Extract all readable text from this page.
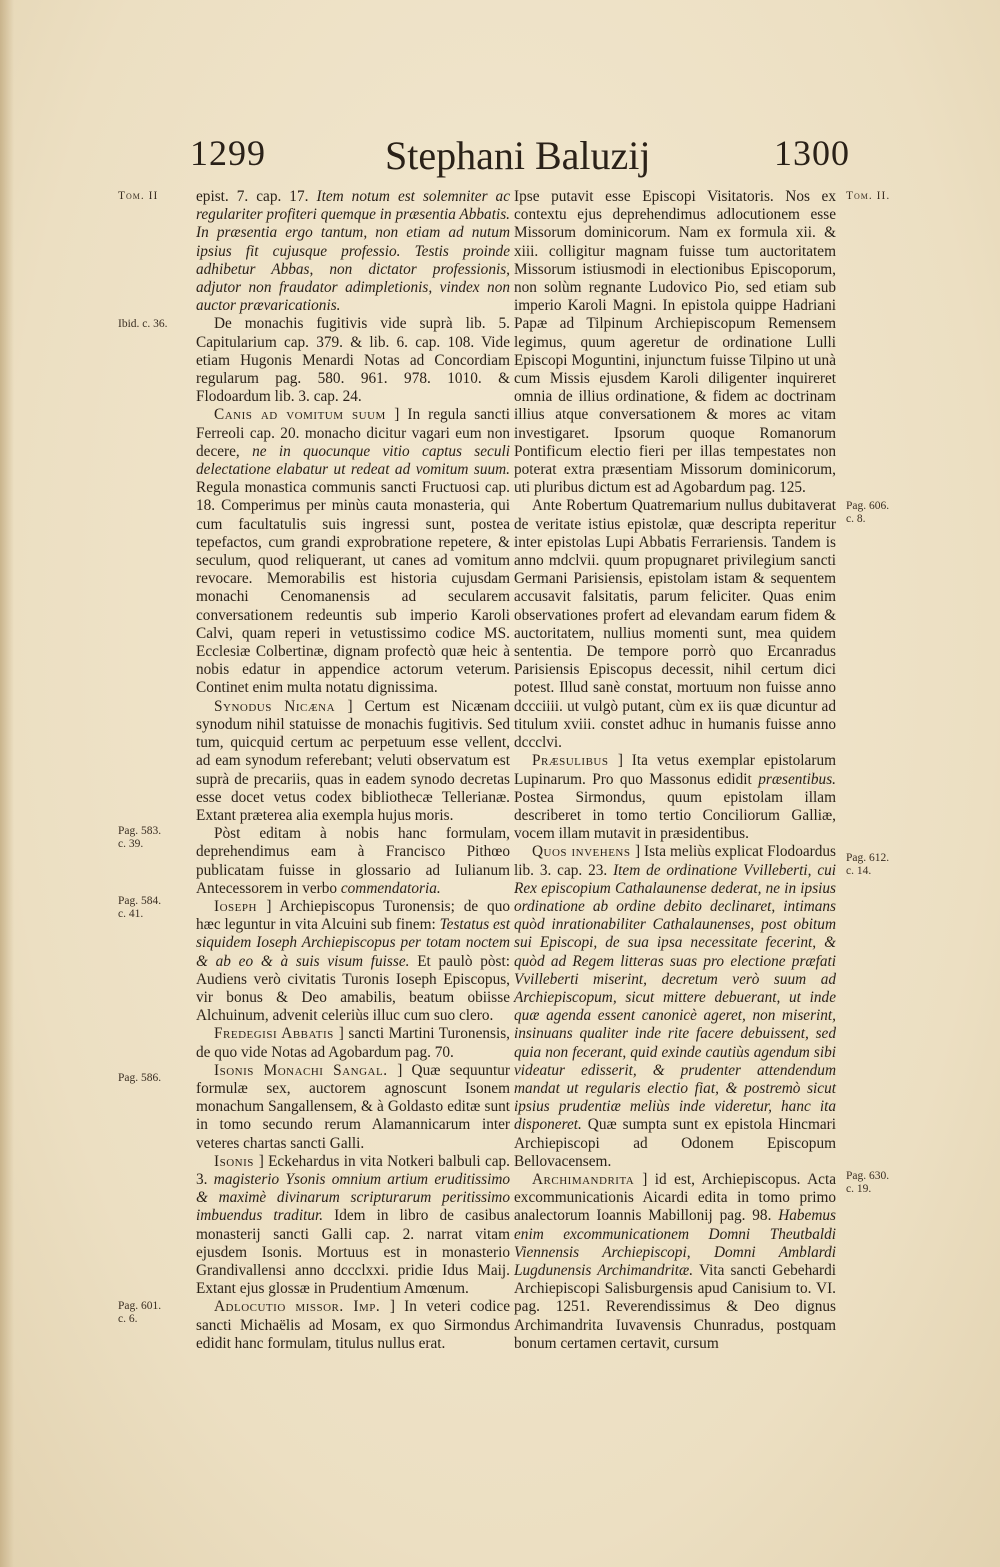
1299	Stephani Baluzij	1300
Tom. II
Ibid. c. 36.
Pag. 583.
c. 39.
Pag. 584.
c. 41.
Pag. 586.
Pag. 601.
c. 6.
Tom. II.
Pag. 606.
c. 8.
Pag. 612.
c. 14.
Pag. 630.
c. 19.

epist. 7. cap. 17. Item notum est solemniter ac regulariter profiteri quemque in præsentia Abbatis. In præsentia ergo tantum, non etiam ad nutum ipsius fit cujusque professio. Testis proinde adhibetur Abbas, non dictator professionis, adjutor non fraudator adimpletionis, vindex non auctor prævaricationis.

De monachis fugitivis vide suprà lib. 5. Capitularium cap. 379. & lib. 6. cap. 108. Vide etiam Hugonis Menardi Notas ad Concordiam regularum pag. 580. 961. 978. 1010. & Flodoardum lib. 3. cap. 24.

Canis ad vomitum suum ] In regula sancti Ferreoli cap. 20. monacho dicitur vagari eum non decere, ne in quocunque vitio captus seculi delectatione elabatur ut redeat ad vomitum suum. Regula monastica communis sancti Fructuosi cap. 18. Comperimus per minùs cauta monasteria, qui cum facultatulis suis ingressi sunt, postea tepefactos, cum grandi exprobratione repetere, & seculum, quod reliquerant, ut canes ad vomitum revocare. Memorabilis est historia cujusdam monachi Cenomanensis ad secularem conversationem redeuntis sub imperio Karoli Calvi, quam reperi in vetustissimo codice MS. Ecclesiæ Colbertinæ, dignam profectò quæ heic à nobis edatur in appendice actorum veterum. Continet enim multa notatu dignissima.

Synodus Nicæna ] Certum est Nicænam synodum nihil statuisse de monachis fugitivis. Sed tum, quicquid certum ac perpetuum esse vellent, ad eam synodum referebant; veluti observatum est suprà de precariis, quas in eadem synodo decretas esse docet vetus codex bibliothecæ Tellerianæ. Extant præterea alia exempla hujus moris.

Pòst editam à nobis hanc formulam, deprehendimus eam à Francisco Pithœo publicatam fuisse in glossario ad Iulianum Antecessorem in verbo commendatoria.

Ioseph ] Archiepiscopus Turonensis; de quo hæc leguntur in vita Alcuini sub finem: Testatus est siquidem Ioseph Archiepiscopus per totam noctem & ab eo & à suis visum fuisse. Et paulò pòst: Audiens verò civitatis Turonis Ioseph Episcopus, vir bonus & Deo amabilis, beatum obiisse Alchuinum, advenit celeriùs illuc cum suo clero.

Fredegisi Abbatis ] sancti Martini Turonensis, de quo vide Notas ad Agobardum pag. 70.

Isonis Monachi Sangal. ] Quæ sequuntur formulæ sex, auctorem agnoscunt Isonem monachum Sangallensem, & à Goldasto editæ sunt in tomo secundo rerum Alamannicarum inter veteres chartas sancti Galli.

Isonis ] Eckehardus in vita Notkeri balbuli cap. 3. magisterio Ysonis omnium artium eruditissimo & maximè divinarum scripturarum peritissimo imbuendus traditur. Idem in libro de casibus monasterij sancti Galli cap. 2. narrat vitam ejusdem Isonis. Mortuus est in monasterio Grandivallensi anno dccclxxi. pridie Idus Maij. Extant ejus glossæ in Prudentium Amœnum.

Adlocutio missor. Imp. ] In veteri codice sancti Michaëlis ad Mosam, ex quo Sirmondus edidit hanc formulam, titulus nullus erat.

Ipse putavit esse Episcopi Visitatoris. Nos ex contextu ejus deprehendimus adlocutionem esse Missorum dominicorum. Nam ex formula xii. & xiii. colligitur magnam fuisse tum auctoritatem Missorum istiusmodi in electionibus Episcoporum, non solùm regnante Ludovico Pio, sed etiam sub imperio Karoli Magni. In epistola quippe Hadriani Papæ ad Tilpinum Archiepiscopum Remensem legimus, quum ageretur de ordinatione Lulli Episcopi Moguntini, injunctum fuisse Tilpino ut unà cum Missis ejusdem Karoli diligenter inquireret omnia de illius ordinatione, & fidem ac doctrinam illius atque conversationem & mores ac vitam investigaret. Ipsorum quoque Romanorum Pontificum electio fieri per illas tempestates non poterat extra præsentiam Missorum dominicorum, uti pluribus dictum est ad Agobardum pag. 125.

Ante Robertum Quatremarium nullus dubitaverat de veritate istius epistolæ, quæ descripta reperitur inter epistolas Lupi Abbatis Ferrariensis. Tandem is anno mdclvii. quum propugnaret privilegium sancti Germani Parisiensis, epistolam istam & sequentem accusavit falsitatis, parum feliciter. Quas enim observationes profert ad elevandam earum fidem & auctoritatem, nullius momenti sunt, mea quidem sententia. De tempore porrò quo Ercanradus Parisiensis Episcopus decessit, nihil certum dici potest. Illud sanè constat, mortuum non fuisse anno dccciiii. ut vulgò putant, cùm ex iis quæ dicuntur ad titulum xviii. constet adhuc in humanis fuisse anno dccclvi.

Præsulibus ] Ita vetus exemplar epistolarum Lupinarum. Pro quo Massonus edidit præsentibus. Postea Sirmondus, quum epistolam illam describeret in tomo tertio Conciliorum Galliæ, vocem illam mutavit in præsidentibus.

Quos invehens ] Ista meliùs explicat Flodoardus lib. 3. cap. 23. Item de ordinatione Vvilleberti, cui Rex episcopium Cathalaunense dederat, ne in ipsius ordinatione ab ordine debito declinaret, intimans quòd inrationabiliter Cathalaunenses, post obitum sui Episcopi, de sua ipsa necessitate fecerint, & quòd ad Regem litteras suas pro electione præfati Vvilleberti miserint, decretum verò suum ad Archiepiscopum, sicut mittere debuerant, ut inde quæ agenda essent canonicè ageret, non miserint, insinuans qualiter inde rite facere debuissent, sed quia non fecerant, quid exinde cautiùs agendum sibi videatur edisserit, & prudenter attendendum mandat ut regularis electio fiat, & postremò sicut ipsius prudentiæ meliùs inde videretur, hanc ita disponeret. Quæ sumpta sunt ex epistola Hincmari Archiepiscopi ad Odonem Episcopum Bellovacensem.

Archimandrita ] id est, Archiepiscopus. Acta excommunicationis Aicardi edita in tomo primo analectorum Ioannis Mabillonij pag. 98. Habemus enim excommunicationem Domni Theutbaldi Viennensis Archiepiscopi, Domni Amblardi Lugdunensis Archimandritæ. Vita sancti Gebehardi Archiepiscopi Salisburgensis apud Canisium to. VI. pag. 1251. Reverendissimus & Deo dignus Archimandrita Iuvavensis Chunradus, postquam bonum certamen certavit, cursum
